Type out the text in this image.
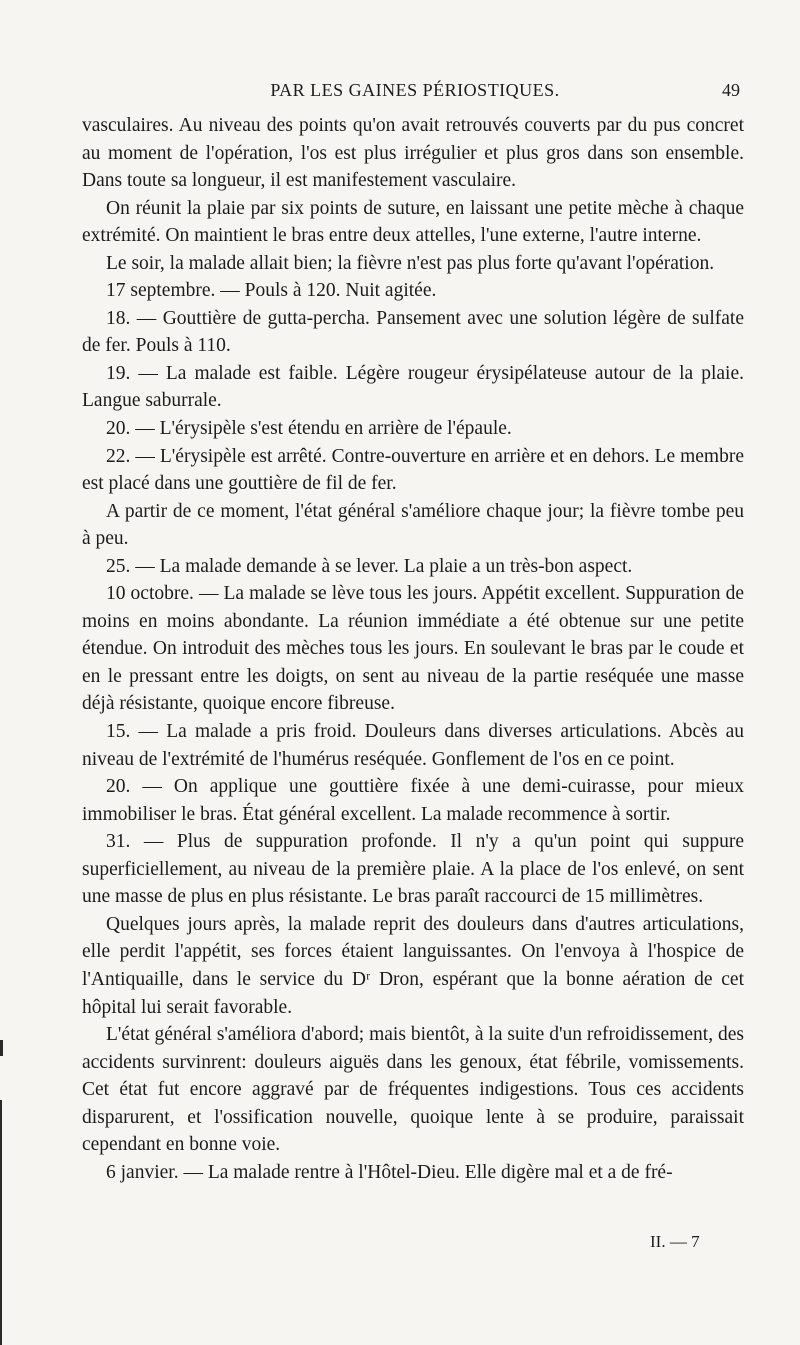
PAR LES GAINES PÉRIOSTIQUES.	49

vasculaires. Au niveau des points qu'on avait retrouvés couverts par du pus concret au moment de l'opération, l'os est plus irrégulier et plus gros dans son ensemble. Dans toute sa longueur, il est manifestement vasculaire.

On réunit la plaie par six points de suture, en laissant une petite mèche à chaque extrémité. On maintient le bras entre deux attelles, l'une externe, l'autre interne.

Le soir, la malade allait bien; la fièvre n'est pas plus forte qu'avant l'opération.

17 septembre. — Pouls à 120. Nuit agitée.

18. — Gouttière de gutta-percha. Pansement avec une solution légère de sulfate de fer. Pouls à 110.

19. — La malade est faible. Légère rougeur érysipélateuse autour de la plaie. Langue saburrale.

20. — L'érysipèle s'est étendu en arrière de l'épaule.

22. — L'érysipèle est arrêté. Contre-ouverture en arrière et en dehors. Le membre est placé dans une gouttière de fil de fer.

A partir de ce moment, l'état général s'améliore chaque jour; la fièvre tombe peu à peu.

25. — La malade demande à se lever. La plaie a un très-bon aspect.

10 octobre. — La malade se lève tous les jours. Appétit excellent. Suppuration de moins en moins abondante. La réunion immédiate a été obtenue sur une petite étendue. On introduit des mèches tous les jours. En soulevant le bras par le coude et en le pressant entre les doigts, on sent au niveau de la partie reséquée une masse déjà résistante, quoique encore fibreuse.

15. — La malade a pris froid. Douleurs dans diverses articulations. Abcès au niveau de l'extrémité de l'humérus reséquée. Gonflement de l'os en ce point.

20. — On applique une gouttière fixée à une demi-cuirasse, pour mieux immobiliser le bras. État général excellent. La malade recommence à sortir.

31. — Plus de suppuration profonde. Il n'y a qu'un point qui suppure superficiellement, au niveau de la première plaie. A la place de l'os enlevé, on sent une masse de plus en plus résistante. Le bras paraît raccourci de 15 millimètres.

Quelques jours après, la malade reprit des douleurs dans d'autres articulations, elle perdit l'appétit, ses forces étaient languissantes. On l'envoya à l'hospice de l'Antiquaille, dans le service du Dʳ Dron, espérant que la bonne aération de cet hôpital lui serait favorable.

L'état général s'améliora d'abord; mais bientôt, à la suite d'un refroidissement, des accidents survinrent: douleurs aiguës dans les genoux, état fébrile, vomissements. Cet état fut encore aggravé par de fréquentes indigestions. Tous ces accidents disparurent, et l'ossification nouvelle, quoique lente à se produire, paraissait cependant en bonne voie.

6 janvier. — La malade rentre à l'Hôtel-Dieu. Elle digère mal et a de fré-

II. — 7
